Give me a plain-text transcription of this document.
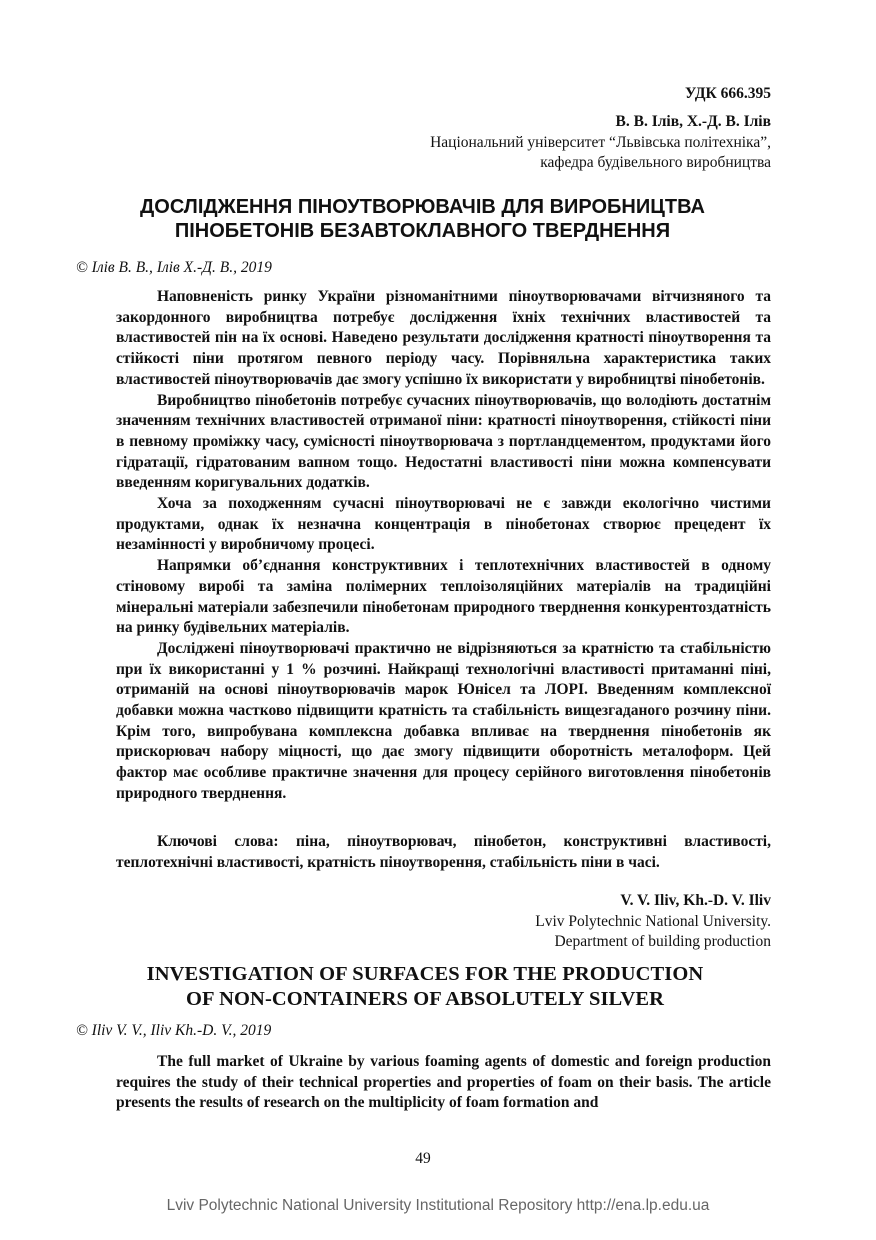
УДК 666.395
В. В. Ілів, Х.-Д. В. Ілів
Національний університет “Львівська політехніка”,
кафедра будівельного виробництва
ДОСЛІДЖЕННЯ ПІНОУТВОРЮВАЧІВ ДЛЯ ВИРОБНИЦТВА
ПІНОБЕТОНІВ БЕЗАВТОКЛАВНОГО ТВЕРДНЕННЯ
© Ілів В. В., Ілів Х.-Д. В., 2019

Наповненість ринку України різноманітними піноутворювачами вітчизняного та закордонного виробництва потребує дослідження їхніх технічних властивостей та властивостей пін на їх основі. Наведено результати дослідження кратності піноутворення та стійкості піни протягом певного періоду часу. Порівняльна характеристика таких властивостей піноутворювачів дає змогу успішно їх використати у виробництві пінобетонів.

Виробництво пінобетонів потребує сучасних піноутворювачів, що володіють достатнім значенням технічних властивостей отриманої піни: кратності піноутворення, стійкості піни в певному проміжку часу, сумісності піноутворювача з портландцементом, продуктами його гідратації, гідратованим вапном тощо. Недостатні властивості піни можна компенсувати введенням коригувальних додатків.

Хоча за походженням сучасні піноутворювачі не є завжди екологічно чистими продуктами, однак їх незначна концентрація в пінобетонах створює прецедент їх незамінності у виробничому процесі.

Напрямки об’єднання конструктивних і теплотехнічних властивостей в одному стіновому виробі та заміна полімерних теплоізоляційних матеріалів на традиційні мінеральні матеріали забезпечили пінобетонам природного тверднення конкурентоздатність на ринку будівельних матеріалів.

Досліджені піноутворювачі практично не відрізняються за кратністю та стабільністю при їх використанні у 1 % розчині. Найкращі технологічні властивості притаманні піні, отриманій на основі піноутворювачів марок Юнісел та ЛОРІ. Введенням комплексної добавки можна частково підвищити кратність та стабільність вищезгаданого розчину піни. Крім того, випробувана комплексна добавка впливає на тверднення пінобетонів як прискорювач набору міцності, що дає змогу підвищити оборотність металоформ. Цей фактор має особливе практичне значення для процесу серійного виготовлення пінобетонів природного тверднення.

Ключові слова: піна, піноутворювач, пінобетон, конструктивні властивості, теплотехнічні властивості, кратність піноутворення, стабільність піни в часі.

V. V. Iliv, Kh.-D. V. Iliv
Lviv Polytechnic National University.
Department of building production
INVESTIGATION OF SURFACES FOR THE PRODUCTION
OF NON-CONTAINERS OF ABSOLUTELY SILVER
© Iliv V. V., Iliv Kh.-D. V., 2019

The full market of Ukraine by various foaming agents of domestic and foreign production requires the study of their technical properties and properties of foam on their basis. The article presents the results of research on the multiplicity of foam formation and

49
Lviv Polytechnic National University Institutional Repository http://ena.lp.edu.ua
